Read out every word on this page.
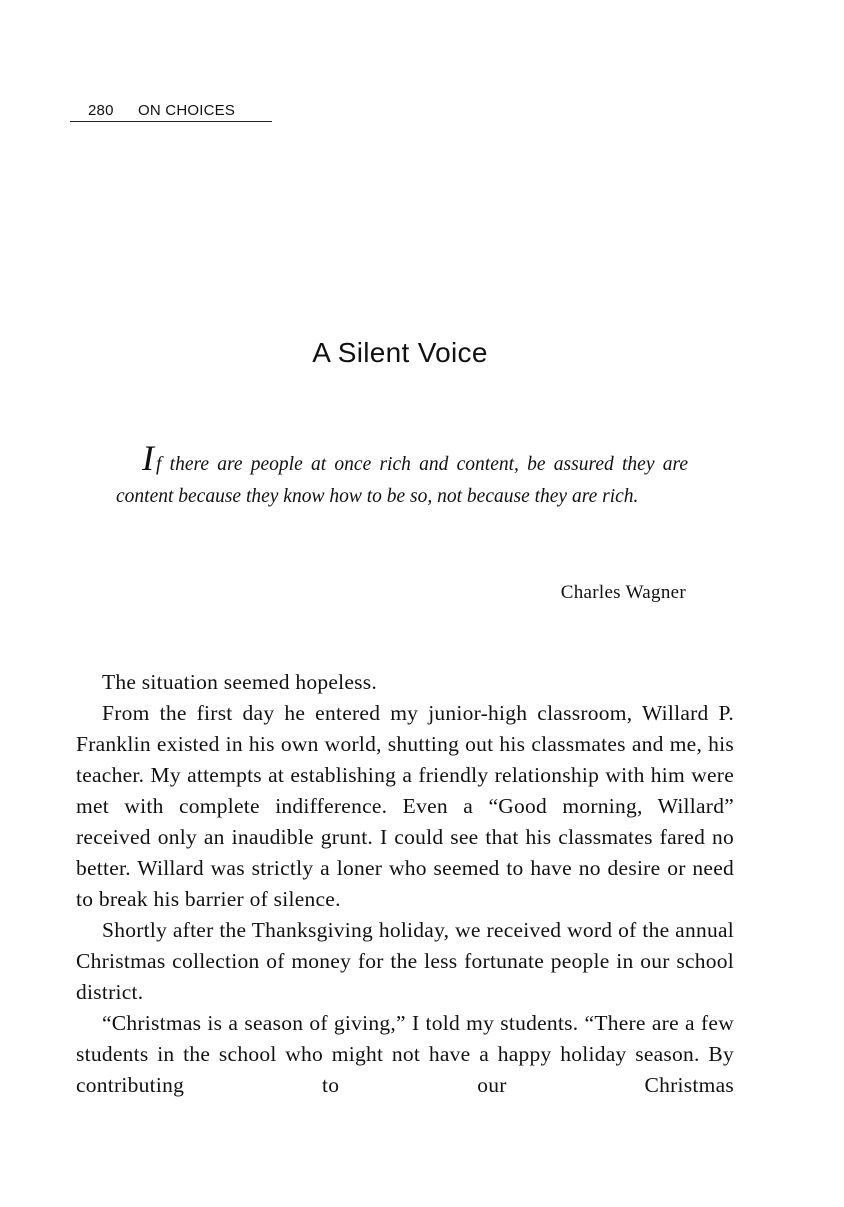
280 ON CHOICES
A Silent Voice
If there are people at once rich and content, be assured they are content because they know how to be so, not because they are rich.
Charles Wagner

The situation seemed hopeless.

From the first day he entered my junior-high classroom, Willard P. Franklin existed in his own world, shutting out his classmates and me, his teacher. My attempts at establishing a friendly relationship with him were met with complete indifference. Even a “Good morning, Willard” received only an inaudible grunt. I could see that his classmates fared no better. Willard was strictly a loner who seemed to have no desire or need to break his barrier of silence.

Shortly after the Thanksgiving holiday, we received word of the annual Christmas collection of money for the less fortunate people in our school district.

“Christmas is a season of giving,” I told my students. “There are a few students in the school who might not have a happy holiday season. By contributing to our Christmas
